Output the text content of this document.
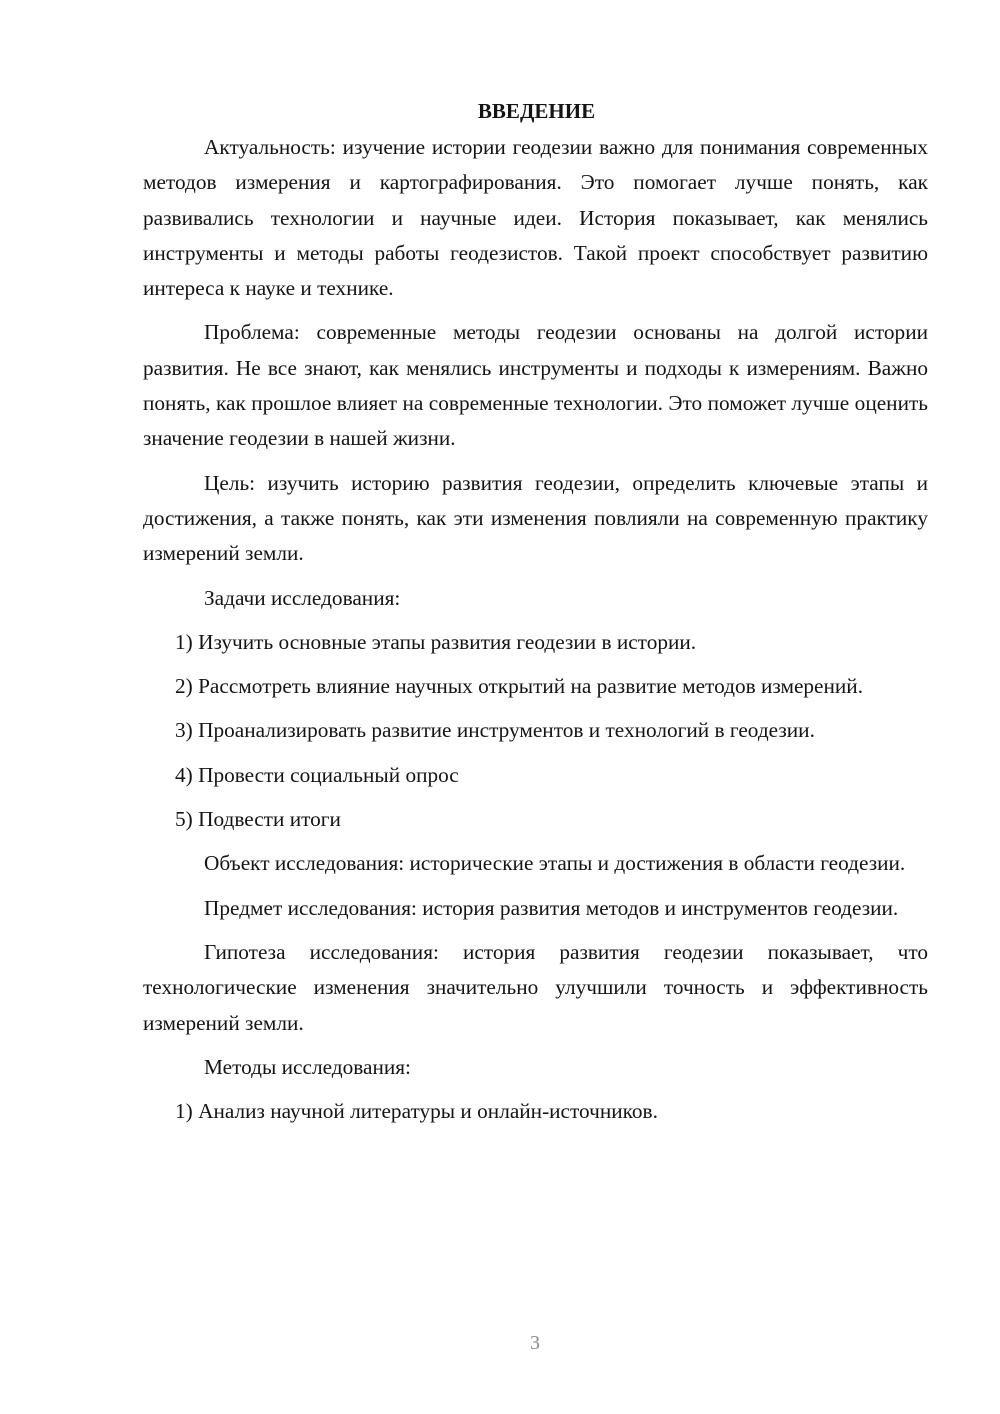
ВВЕДЕНИЕ

Актуальность: изучение истории геодезии важно для понимания современных методов измерения и картографирования. Это помогает лучше понять, как развивались технологии и научные идеи. История показывает, как менялись инструменты и методы работы геодезистов. Такой проект способствует развитию интереса к науке и технике.

Проблема: современные методы геодезии основаны на долгой истории развития. Не все знают, как менялись инструменты и подходы к измерениям. Важно понять, как прошлое влияет на современные технологии. Это поможет лучше оценить значение геодезии в нашей жизни.

Цель: изучить историю развития геодезии, определить ключевые этапы и достижения, а также понять, как эти изменения повлияли на современную практику измерений земли.

Задачи исследования:

1) Изучить основные этапы развития геодезии в истории.

2) Рассмотреть влияние научных открытий на развитие методов измерений.

3) Проанализировать развитие инструментов и технологий в геодезии.

4) Провести социальный опрос

5) Подвести итоги

Объект исследования: исторические этапы и достижения в области геодезии.

Предмет исследования: история развития методов и инструментов геодезии.

Гипотеза исследования: история развития геодезии показывает, что технологические изменения значительно улучшили точность и эффективность измерений земли.

Методы исследования:

1) Анализ научной литературы и онлайн-источников.

3
